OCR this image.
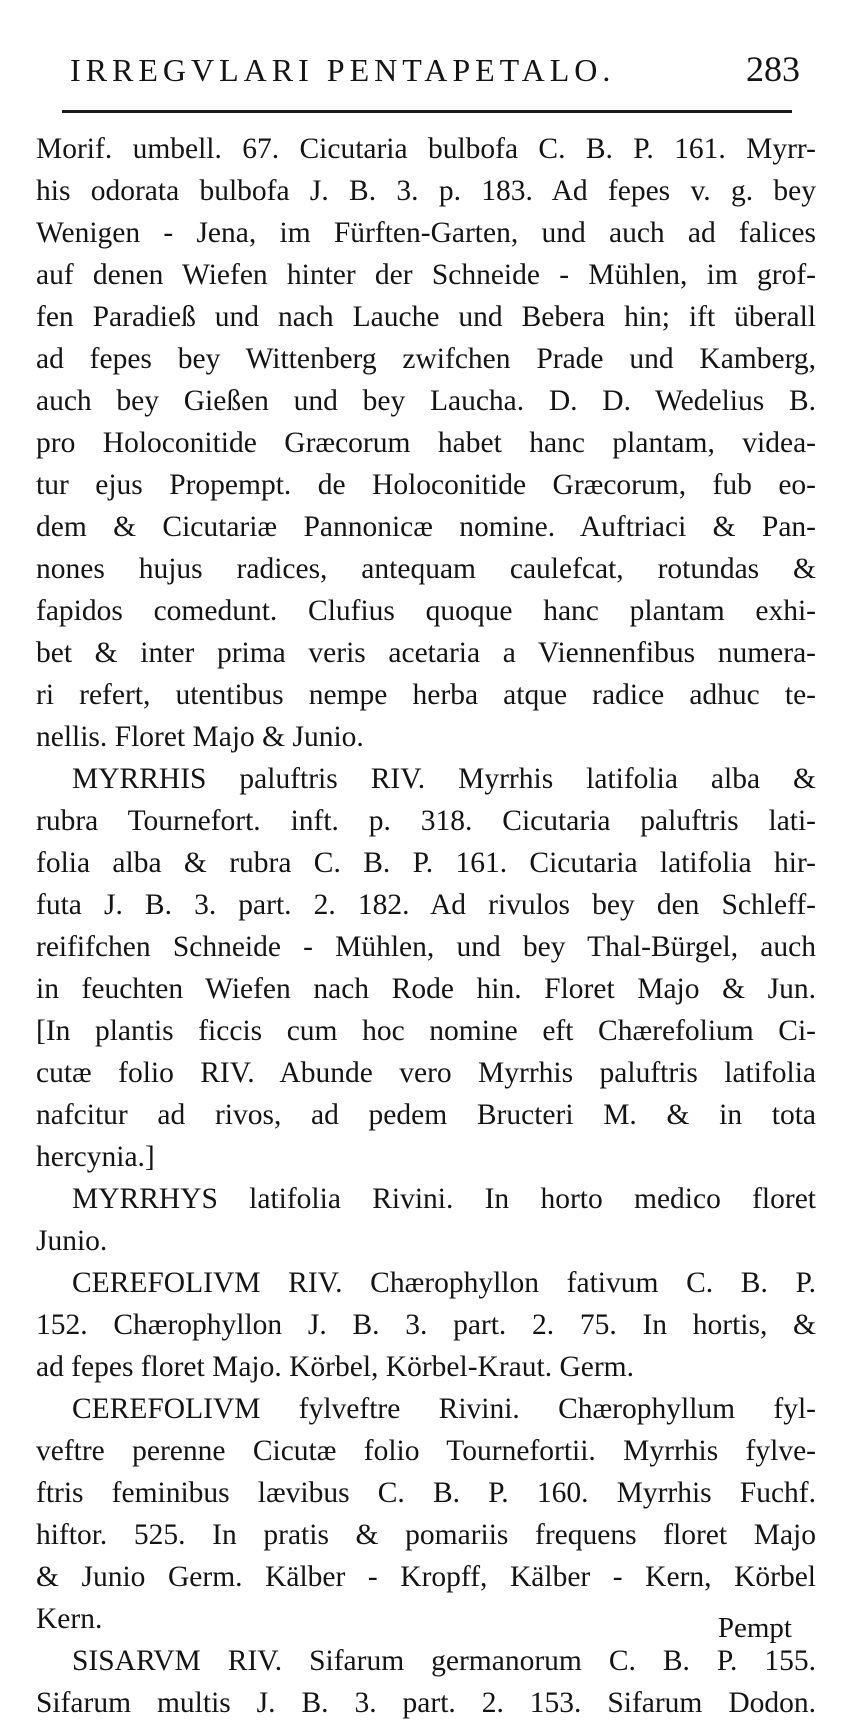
IRREGVLARI PENTAPETALO.	283
Morif. umbell. 67. Cicutaria bulbofa C. B. P. 161. Myrr-
his odorata bulbofa J. B. 3. p. 183. Ad fepes v. g. bey
Wenigen - Jena, im Fürften-Garten, und auch ad falices
auf denen Wiefen hinter der Schneide - Mühlen, im grof-
fen Paradieß und nach Lauche und Bebera hin; ift überall
ad fepes bey Wittenberg zwifchen Prade und Kamberg,
auch bey Gießen und bey Laucha. D. D. Wedelius B.
pro Holoconitide Græcorum habet hanc plantam, videa-
tur ejus Propempt. de Holoconitide Græcorum, fub eo-
dem & Cicutariæ Pannonicæ nomine. Auftriaci & Pan-
nones hujus radices, antequam caulefcat, rotundas &
fapidos comedunt. Clufius quoque hanc plantam exhi-
bet & inter prima veris acetaria a Viennenfibus numera-
ri refert, utentibus nempe herba atque radice adhuc te-
nellis. Floret Majo & Junio.
MYRRHIS paluftris RIV. Myrrhis latifolia alba &
rubra Tournefort. inft. p. 318. Cicutaria paluftris lati-
folia alba & rubra C. B. P. 161. Cicutaria latifolia hir-
futa J. B. 3. part. 2. 182. Ad rivulos bey den Schleff-
reififchen Schneide - Mühlen, und bey Thal-Bürgel, auch
in feuchten Wiefen nach Rode hin. Floret Majo & Jun.
[In plantis ficcis cum hoc nomine eft Chærefolium Ci-
cutæ folio RIV. Abunde vero Myrrhis paluftris latifolia
nafcitur ad rivos, ad pedem Bructeri M. & in tota
hercynia.]
MYRRHYS latifolia Rivini. In horto medico floret
Junio.
CEREFOLIVM RIV. Chærophyllon fativum C. B. P.
152. Chærophyllon J. B. 3. part. 2. 75. In hortis, &
ad fepes floret Majo. Körbel, Körbel-Kraut. Germ.
CEREFOLIVM fylveftre Rivini. Chærophyllum fyl-
veftre perenne Cicutæ folio Tournefortii. Myrrhis fylve-
ftris feminibus lævibus C. B. P. 160. Myrrhis Fuchf.
hiftor. 525. In pratis & pomariis frequens floret Majo
& Junio Germ. Kälber - Kropff, Kälber - Kern, Körbel
Kern.
SISARVM RIV. Sifarum germanorum C. B. P. 155.
Sifarum multis J. B. 3. part. 2. 153. Sifarum Dodon.
Pempt
